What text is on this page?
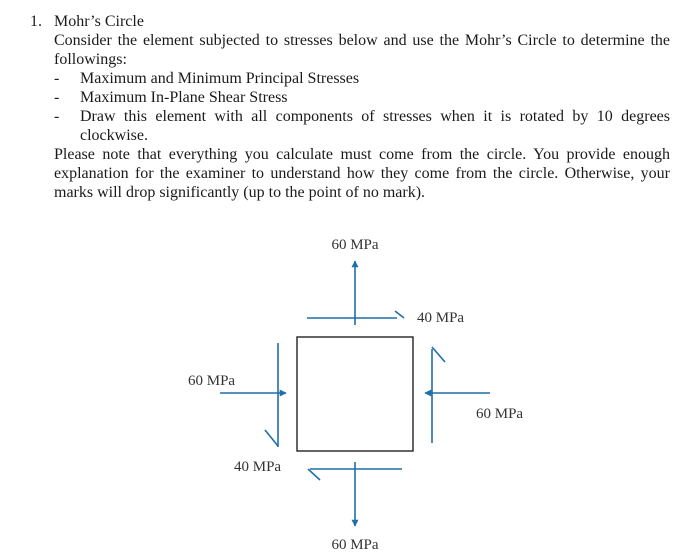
1. Mohr’s Circle

Consider the element subjected to stresses below and use the Mohr’s Circle to determine the followings:

-	Maximum and Minimum Principal Stresses
-	Maximum In-Plane Shear Stress
-	Draw this element with all components of stresses when it is rotated by 10 degrees clockwise.

Please note that everything you calculate must come from the circle. You provide enough explanation for the examiner to understand how they come from the circle. Otherwise, your marks will drop significantly (up to the point of no mark).

60 MPa
40 MPa
60 MPa
60 MPa
40 MPa
60 MPa
